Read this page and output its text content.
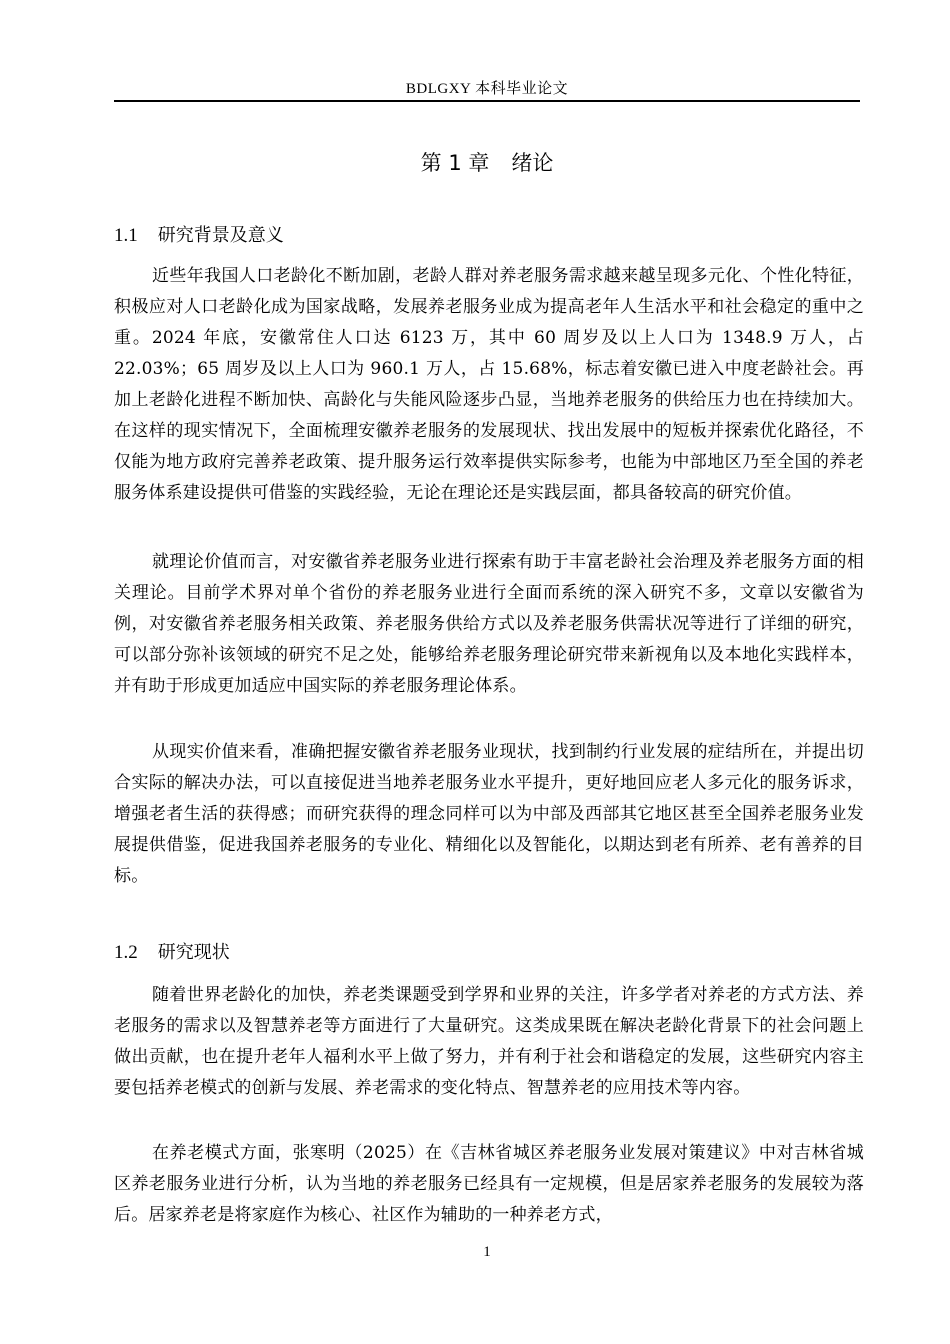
BDLGXY 本科毕业论文
第 1 章 绪论
1.1 研究背景及意义

近些年我国人口老龄化不断加剧，老龄人群对养老服务需求越来越呈现多元化、个性化特征，积极应对人口老龄化成为国家战略，发展养老服务业成为提高老年人生活水平和社会稳定的重中之重。2024 年底，安徽常住人口达 6123 万，其中 60 周岁及以上人口为 1348.9 万人，占 22.03%；65 周岁及以上人口为 960.1 万人，占 15.68%，标志着安徽已进入中度老龄社会。再加上老龄化进程不断加快、高龄化与失能风险逐步凸显，当地养老服务的供给压力也在持续加大。在这样的现实情况下，全面梳理安徽养老服务的发展现状、找出发展中的短板并探索优化路径，不仅能为地方政府完善养老政策、提升服务运行效率提供实际参考，也能为中部地区乃至全国的养老服务体系建设提供可借鉴的实践经验，无论在理论还是实践层面，都具备较高的研究价值。

就理论价值而言，对安徽省养老服务业进行探索有助于丰富老龄社会治理及养老服务方面的相关理论。目前学术界对单个省份的养老服务业进行全面而系统的深入研究不多，文章以安徽省为例，对安徽省养老服务相关政策、养老服务供给方式以及养老服务供需状况等进行了详细的研究，可以部分弥补该领域的研究不足之处，能够给养老服务理论研究带来新视角以及本地化实践样本，并有助于形成更加适应中国实际的养老服务理论体系。

从现实价值来看，准确把握安徽省养老服务业现状，找到制约行业发展的症结所在，并提出切合实际的解决办法，可以直接促进当地养老服务业水平提升，更好地回应老人多元化的服务诉求，增强老者生活的获得感；而研究获得的理念同样可以为中部及西部其它地区甚至全国养老服务业发展提供借鉴，促进我国养老服务的专业化、精细化以及智能化，以期达到老有所养、老有善养的目标。

1.2 研究现状

随着世界老龄化的加快，养老类课题受到学界和业界的关注，许多学者对养老的方式方法、养老服务的需求以及智慧养老等方面进行了大量研究。这类成果既在解决老龄化背景下的社会问题上做出贡献，也在提升老年人福利水平上做了努力，并有利于社会和谐稳定的发展，这些研究内容主要包括养老模式的创新与发展、养老需求的变化特点、智慧养老的应用技术等内容。

在养老模式方面，张寒明（2025）在《吉林省城区养老服务业发展对策建议》中对吉林省城区养老服务业进行分析，认为当地的养老服务已经具有一定规模，但是居家养老服务的发展较为落后。居家养老是将家庭作为核心、社区作为辅助的一种养老方式，

1
